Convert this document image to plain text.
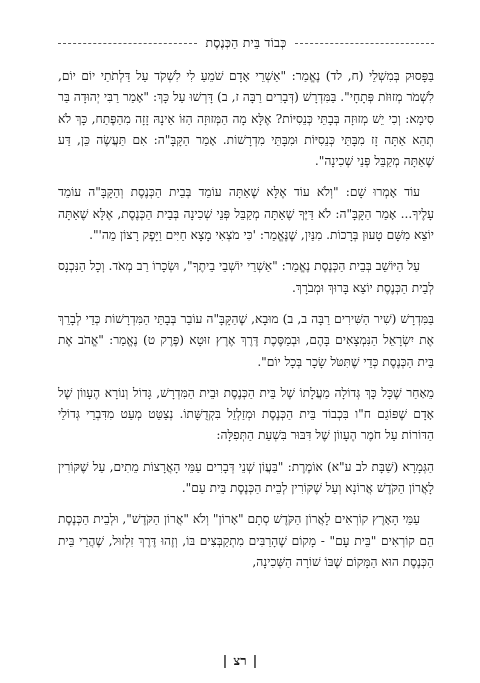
כְּבוֹד בֵּית הַכְּנֶסֶת

בַּפָּסוּק בְּמִשְׁלֵי (ח, לד) נֶאֱמַר: "אַשְׁרֵי אָדָם שֹׁמֵעַ לִי לִשְׁקֹד עַל דַּלְתֹתַי יוֹם יוֹם, לִשְׁמֹר מְזוּזֹת פְּתָחָי". בַּמִּדְרָשׁ (דְּבָרִים רַבָּה ז, ב) דָּרְשׁוּ עַל כָּךְ: "אָמַר רַבִּי יְהוּדָה בַּר סִימָא: וְכִי יֵשׁ מְזוּזָה בְּבָתֵּי כְּנֵסִיּוֹת? אֶלָּא מָה הַמְּזוּזָה הַזּוֹ אֵינָהּ זָזָה מִהַפֶּתַח, כָּךְ לֹא תְהֵא אַתָּה זָז מִבָּתֵּי כְּנֵסִיּוֹת וּמִבָּתֵּי מִדְרָשׁוֹת. אָמַר הַקָּבָּ"ה: אִם תַּעֲשֶׂה כֵּן, דַּע שֶׁאַתָּה מְקַבֵּל פְּנֵי שְׁכִינָה".

עוֹד אָמְרוּ שָׁם: "וְלֹא עוֹד אֶלָּא שֶׁאַתָּה עוֹמֵד בְּבֵית הַכְּנֶסֶת וְהַקָּבָּ"ה עוֹמֵד עָלֶיךָ... אָמַר הַקָּבָּ"ה: לֹא דַּיֶּךָ שֶׁאַתָּה מְקַבֵּל פְּנֵי שְׁכִינָה בְּבֵית הַכְּנֶסֶת, אֶלָּא שֶׁאַתָּה יוֹצֵא מִשָּׁם טָעוּן בְּרָכוֹת. מִנַּיִן, שֶׁנֶּאֱמַר: 'כִּי מֹצְאִי מָצָא חַיִּים וַיָּפֶק רָצוֹן מֵה'".

עַל הַיּוֹשֵׁב בְּבֵית הַכְּנֶסֶת נֶאֱמַר: "אַשְׁרֵי יוֹשְׁבֵי בֵיתֶךָ", וּשְׂכָרוֹ רַב מְאֹד. וְכָל הַנִּכְנָס לְבֵית הַכְּנֶסֶת יוֹצֵא בָּרוּךְ וּמְבֹרָךְ.

בַּמִּדְרָשׁ (שִׁיר הַשִּׁירִים רַבָּה ב, ב) מוּבָא, שֶׁהַקָּבָּ"ה עוֹבֵר בְּבָתֵּי הַמִּדְרָשׁוֹת כְּדֵי לְבָרֵךְ אֶת יִשְׂרָאֵל הַנִּמְצָאִים בָּהֶם, וּבְמַסֶּכֶת דֶּרֶךְ אֶרֶץ זוּטָא (פֶּרֶק ט) נֶאֱמַר: "אֱהֹב אֶת בֵּית הַכְּנֶסֶת כְּדֵי שֶׁתִּטֹּל שָׂכָר בְּכָל יוֹם".

מֵאַחַר שֶׁכָּל כָּךְ גְּדוֹלָה מַעֲלָתוֹ שֶׁל בֵּית הַכְּנֶסֶת וּבֵית הַמִּדְרָשׁ, גָּדוֹל וְנוֹרָא הֶעָווֹן שֶׁל אָדָם שֶׁפּוֹגֵם ח"ו בִּכְבוֹד בֵּית הַכְּנֶסֶת וּמְזַלְזֵל בִּקְדֻשָּׁתוֹ. נְצַטֵּט מְעַט מִדִּבְרֵי גְּדוֹלֵי הַדּוֹרוֹת עַל חֹמֶר הֶעָווֹן שֶׁל דִּבּוּר בִּשְׁעַת הַתְּפִלָּה:

הַגְּמָרָא (שַׁבָּת לב ע"א) אוֹמֶרֶת: "בַּעֲוֹן שְׁנֵי דְּבָרִים עַמֵּי הָאֲרָצוֹת מֵתִים, עַל שֶׁקּוֹרִין לָאֲרוֹן הַקֹּדֶשׁ אֲרוֹנָא וְעַל שֶׁקּוֹרִין לְבֵית הַכְּנֶסֶת בֵּית עַם".

עַמֵּי הָאָרֶץ קוֹרְאִים לָאֲרוֹן הַקֹּדֶשׁ סְתָם "אָרוֹן" וְלֹא "אֲרוֹן הַקֹּדֶשׁ", וּלְבֵית הַכְּנֶסֶת הֵם קוֹרְאִים "בֵּית עָם" - מָקוֹם שֶׁהָרַבִּים מִתְקַבְּצִים בּוֹ, וְזֶהוּ דֶּרֶךְ זִלְזוּל, שֶׁהֲרֵי בֵּית הַכְּנֶסֶת הוּא הַמָּקוֹם שֶׁבּוֹ שׁוֹרָה הַשְּׁכִינָה,

|רצ|
